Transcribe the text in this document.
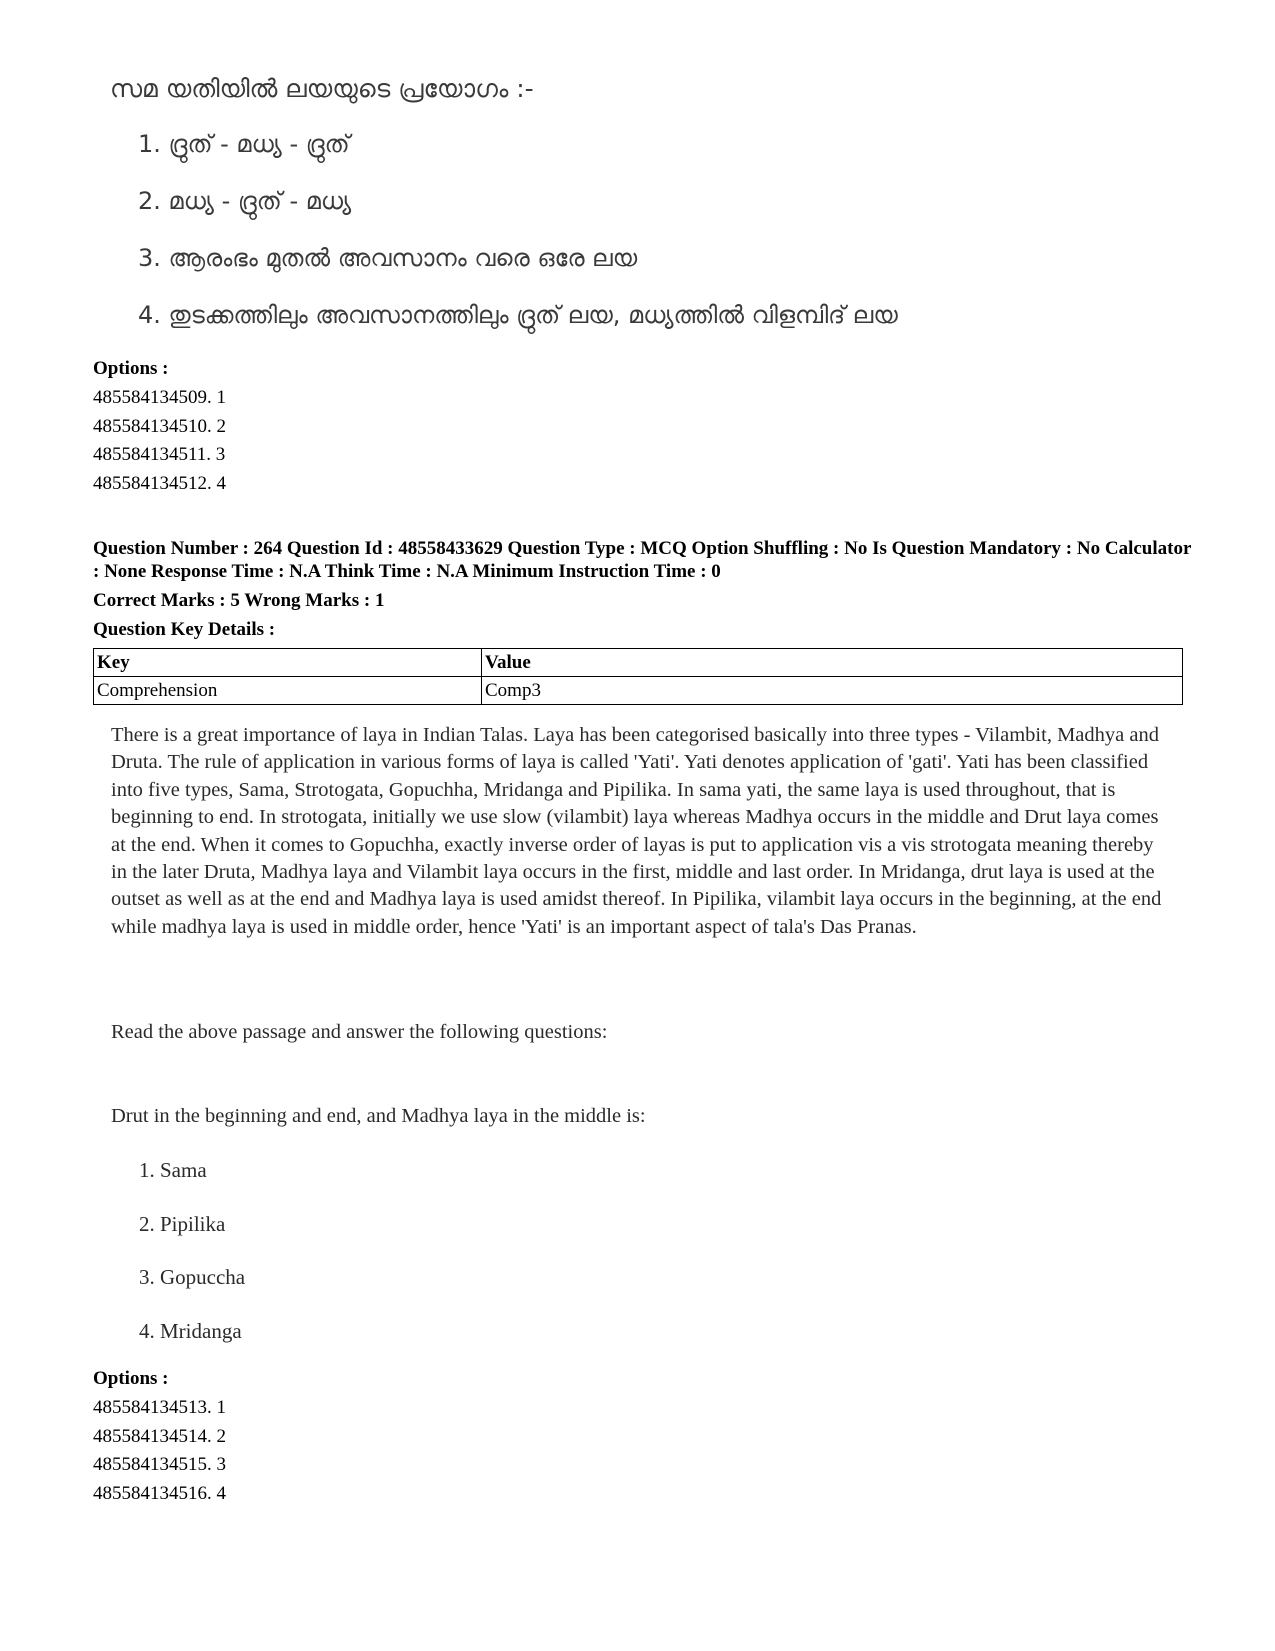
സമ യതിയിൽ ലയയുടെ പ്രയോഗം :-
1. ദ്രുത് - മധ്യ - ദ്രുത്
2. മധ്യ - ദ്രുത് - മധ്യ
3. ആരംഭം മുതൽ അവസാനം വരെ ഒരേ ലയ
4. തുടക്കത്തിലും അവസാനത്തിലും ദ്രുത് ലയ, മധ്യത്തിൽ വിളമ്പിദ് ലയ
Options :
485584134509. 1
485584134510. 2
485584134511. 3
485584134512. 4
Question Number : 264 Question Id : 48558433629 Question Type : MCQ Option Shuffling : No Is Question Mandatory : No Calculator : None Response Time : N.A Think Time : N.A Minimum Instruction Time : 0
Correct Marks : 5 Wrong Marks : 1
Question Key Details :
Key	Value
Comprehension	Comp3
There is a great importance of laya in Indian Talas. Laya has been categorised basically into three types - Vilambit, Madhya and Druta. The rule of application in various forms of laya is called 'Yati'. Yati denotes application of 'gati'. Yati has been classified into five types, Sama, Strotogata, Gopuchha, Mridanga and Pipilika. In sama yati, the same laya is used throughout, that is beginning to end. In strotogata, initially we use slow (vilambit) laya whereas Madhya occurs in the middle and Drut laya comes at the end. When it comes to Gopuchha, exactly inverse order of layas is put to application vis a vis strotogata meaning thereby in the later Druta, Madhya laya and Vilambit laya occurs in the first, middle and last order. In Mridanga, drut laya is used at the outset as well as at the end and Madhya laya is used amidst thereof. In Pipilika, vilambit laya occurs in the beginning, at the end while madhya laya is used in middle order, hence 'Yati' is an important aspect of tala's Das Pranas.
Read the above passage and answer the following questions:
Drut in the beginning and end, and Madhya laya in the middle is:
1. Sama
2. Pipilika
3. Gopuccha
4. Mridanga
Options :
485584134513. 1
485584134514. 2
485584134515. 3
485584134516. 4
